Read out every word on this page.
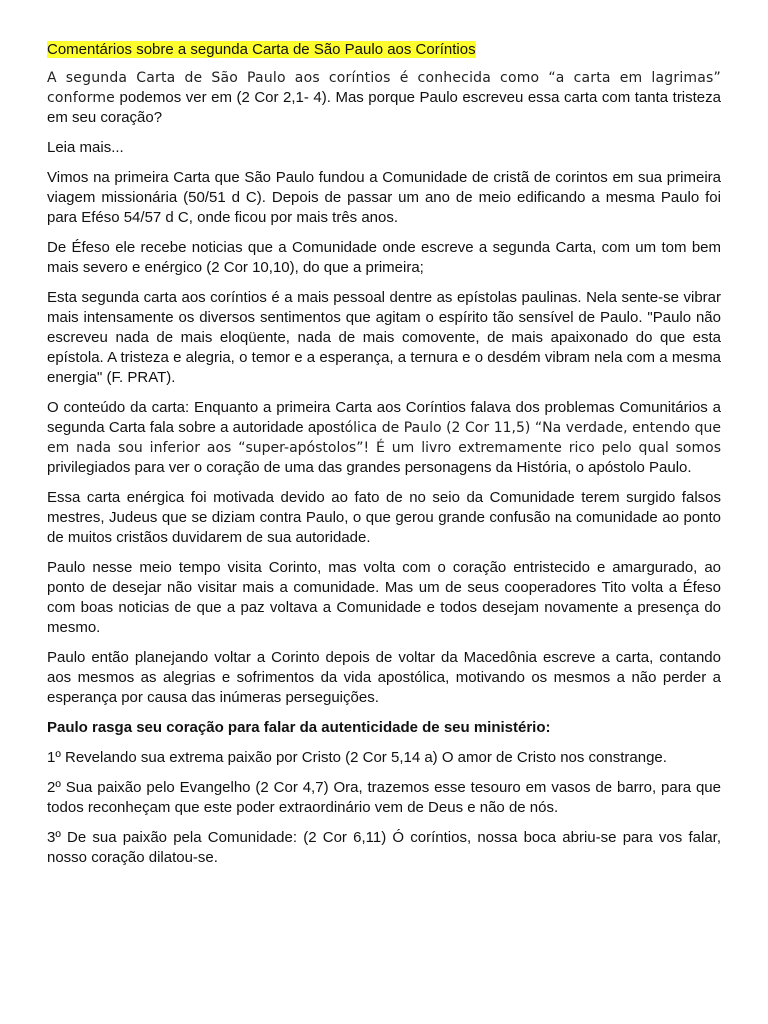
Comentários sobre a segunda Carta de São Paulo aos Coríntios

A segunda Carta de São Paulo aos coríntios é conhecida como “a carta em lagrimas” conforme podemos ver em (2 Cor 2,1- 4). Mas porque Paulo escreveu essa carta com tanta tristeza em seu coração?

Leia mais...

Vimos na primeira Carta que São Paulo fundou a Comunidade de cristã de corintos em sua primeira viagem missionária (50/51 d C). Depois de passar um ano de meio edificando a mesma Paulo foi para Eféso 54/57 d C, onde ficou por mais três anos.

De Éfeso ele recebe noticias que a Comunidade onde escreve a segunda Carta, com um tom bem mais severo e enérgico (2 Cor 10,10), do que a primeira;

Esta segunda carta aos coríntios é a mais pessoal dentre as epístolas paulinas. Nela sente-se vibrar mais intensamente os diversos sentimentos que agitam o espírito tão sensível de Paulo. "Paulo não escreveu nada de mais eloqüente, nada de mais comovente, de mais apaixonado do que esta epístola. A tristeza e alegria, o temor e a esperança, a ternura e o desdém vibram nela com a mesma energia" (F. PRAT).

O conteúdo da carta: Enquanto a primeira Carta aos Coríntios falava dos problemas Comunitários a segunda Carta fala sobre a autoridade apostólica de Paulo (2 Cor 11,5) “Na verdade, entendo que em nada sou inferior aos “super-apóstolos”! É um livro extremamente rico pelo qual somos privilegiados para ver o coração de uma das grandes personagens da História, o apóstolo Paulo.

Essa carta enérgica foi motivada devido ao fato de no seio da Comunidade terem surgido falsos mestres, Judeus que se diziam contra Paulo, o que gerou grande confusão na comunidade ao ponto de muitos cristãos duvidarem de sua autoridade.

Paulo nesse meio tempo visita Corinto, mas volta com o coração entristecido e amargurado, ao ponto de desejar não visitar mais a comunidade. Mas um de seus cooperadores Tito volta a Éfeso com boas noticias de que a paz voltava a Comunidade e todos desejam novamente a presença do mesmo.

Paulo então planejando voltar a Corinto depois de voltar da Macedônia escreve a carta, contando aos mesmos as alegrias e sofrimentos da vida apostólica, motivando os mesmos a não perder a esperança por causa das inúmeras perseguições.

Paulo rasga seu coração para falar da autenticidade de seu ministério:

1º Revelando sua extrema paixão por Cristo (2 Cor 5,14 a) O amor de Cristo nos constrange.

2º Sua paixão pelo Evangelho (2 Cor 4,7) Ora, trazemos esse tesouro em vasos de barro, para que todos reconheçam que este poder extraordinário vem de Deus e não de nós.

3º De sua paixão pela Comunidade: (2 Cor 6,11) Ó coríntios, nossa boca abriu-se para vos falar, nosso coração dilatou-se.
